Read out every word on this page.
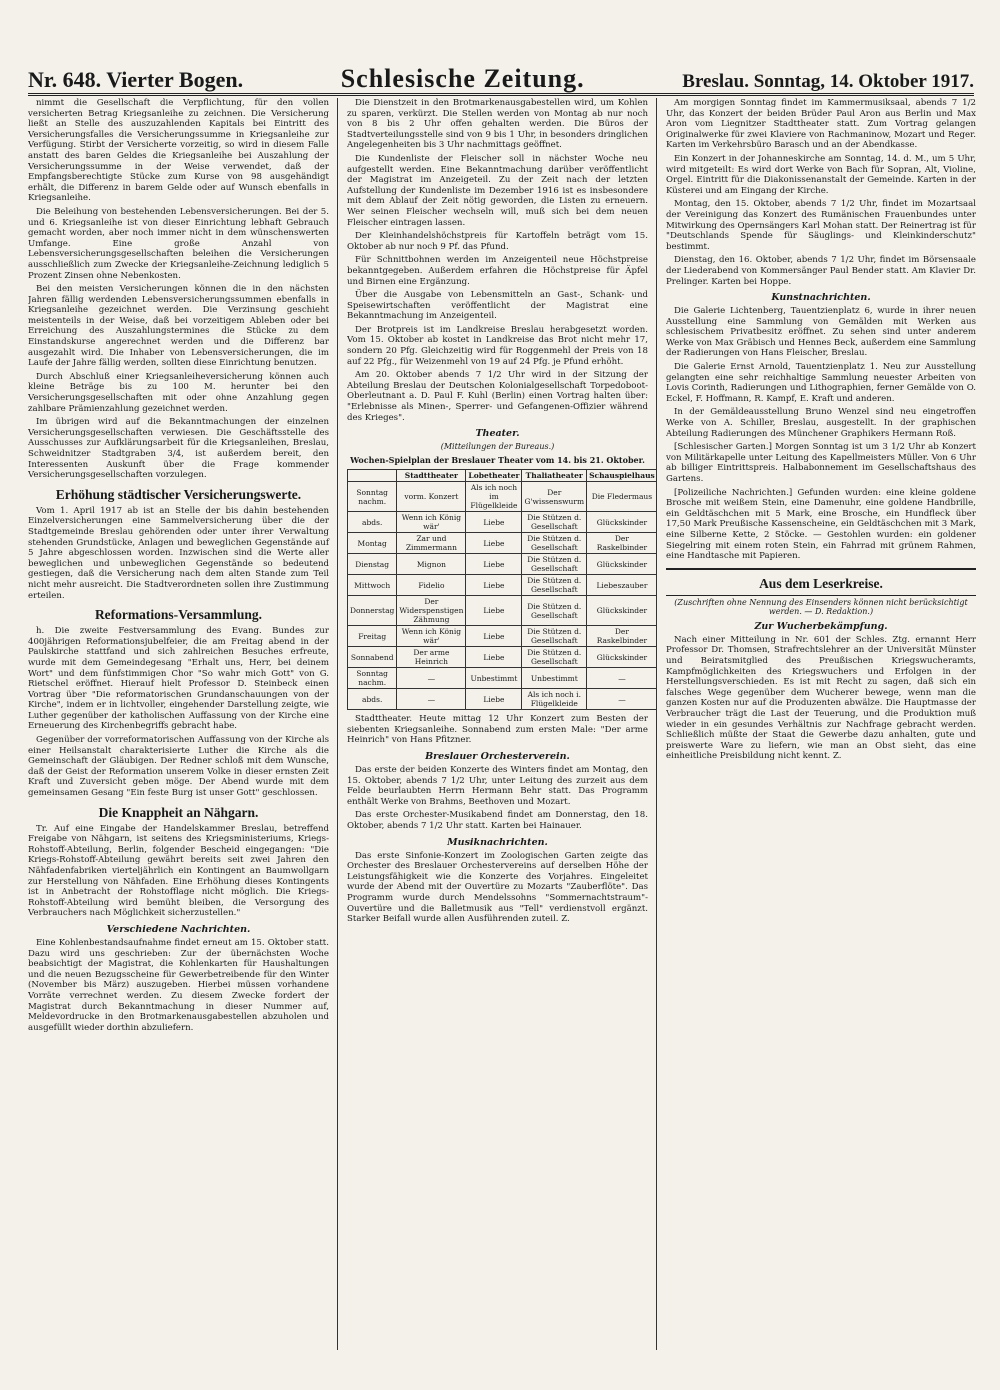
Nr. 648. Vierter Bogen.	Schlesische Zeitung.	Breslau. Sonntag, 14. Oktober 1917.

nimmt die Gesellschaft die Verpflichtung, für den vollen versicherten Betrag Kriegsanleihe zu zeichnen. Die Versicherung ließt an Stelle des auszuzahlenden Kapitals bei Eintritt des Versicherungsfalles die Versicherungssumme in Kriegsanleihe zur Verfügung. Stirbt der Versicherte vorzeitig, so wird in diesem Falle anstatt des baren Geldes die Kriegsanleihe bei Auszahlung der Versicherungssumme in der Weise verwendet, daß der Empfangsberechtigte Stücke zum Kurse von 98 ausgehändigt erhält, die Differenz in barem Gelde oder auf Wunsch ebenfalls in Kriegsanleihe.

Die Beleihung von bestehenden Lebensversicherungen. Bei der 5. und 6. Kriegsanleihe ist von dieser Einrichtung lebhaft Gebrauch gemacht worden, aber noch immer nicht in dem wünschenswerten Umfange. Eine große Anzahl von Lebensversicherungsgesellschaften beleihen die Versicherungen ausschließlich zum Zwecke der Kriegsanleihe-Zeichnung lediglich 5 Prozent Zinsen ohne Nebenkosten.

Bei den meisten Versicherungen können die in den nächsten Jahren fällig werdenden Lebensversicherungssummen ebenfalls in Kriegsanleihe gezeichnet werden. Die Verzinsung geschieht meistenteils in der Weise, daß bei vorzeitigem Ableben oder bei Erreichung des Auszahlungstermines die Stücke zu dem Einstandskurse angerechnet werden und die Differenz bar ausgezahlt wird. Die Inhaber von Lebensversicherungen, die im Laufe der Jahre fällig werden, sollten diese Einrichtung benutzen.

Durch Abschluß einer Kriegsanleiheversicherung können auch kleine Beträge bis zu 100 M. herunter bei den Versicherungsgesellschaften mit oder ohne Anzahlung gegen zahlbare Prämienzahlung gezeichnet werden.

Im übrigen wird auf die Bekanntmachungen der einzelnen Versicherungsgesellschaften verwiesen. Die Geschäftsstelle des Ausschusses zur Aufklärungsarbeit für die Kriegsanleihen, Breslau, Schweidnitzer Stadtgraben 3/4, ist außerdem bereit, den Interessenten Auskunft über die Frage kommender Versicherungsgesellschaften vorzulegen.

Erhöhung städtischer Versicherungswerte.

Vom 1. April 1917 ab ist an Stelle der bis dahin bestehenden Einzelversicherungen eine Sammelversicherung über die der Stadtgemeinde Breslau gehörenden oder unter ihrer Verwaltung stehenden Grundstücke, Anlagen und beweglichen Gegenstände auf 5 Jahre abgeschlossen worden. Inzwischen sind die Werte aller beweglichen und unbeweglichen Gegenstände so bedeutend gestiegen, daß die Versicherung nach dem alten Stande zum Teil nicht mehr ausreicht. Die Stadtverordneten sollen ihre Zustimmung erteilen.

Reformations-Versammlung.

h. Die zweite Festversammlung des Evang. Bundes zur 400jährigen Reformationsjubelfeier, die am Freitag abend in der Paulskirche stattfand und sich zahlreichen Besuches erfreute, wurde mit dem Gemeindegesang "Erhalt uns, Herr, bei deinem Wort" und dem fünfstimmigen Chor "So wahr mich Gott" von G. Rietschel eröffnet. Hierauf hielt Professor D. Steinbeck einen Vortrag über "Die reformatorischen Grundanschauungen von der Kirche", indem er in lichtvoller, eingehender Darstellung zeigte, wie Luther gegenüber der katholischen Auffassung von der Kirche eine Erneuerung des Kirchenbegriffs gebracht habe.

Gegenüber der vorreformatorischen Auffassung von der Kirche als einer Heilsanstalt charakterisierte Luther die Kirche als die Gemeinschaft der Gläubigen. Der Redner schloß mit dem Wunsche, daß der Geist der Reformation unserem Volke in dieser ernsten Zeit Kraft und Zuversicht geben möge. Der Abend wurde mit dem gemeinsamen Gesang "Ein feste Burg ist unser Gott" geschlossen.

Die Knappheit an Nähgarn.

Tr. Auf eine Eingabe der Handelskammer Breslau, betreffend Freigabe von Nähgarn, ist seitens des Kriegsministeriums, Kriegs-Rohstoff-Abteilung, Berlin, folgender Bescheid eingegangen: "Die Kriegs-Rohstoff-Abteilung gewährt bereits seit zwei Jahren den Nähfadenfabriken vierteljährlich ein Kontingent an Baumwollgarn zur Herstellung von Nähfaden. Eine Erhöhung dieses Kontingents ist in Anbetracht der Rohstofflage nicht möglich. Die Kriegs-Rohstoff-Abteilung wird bemüht bleiben, die Versorgung des Verbrauchers nach Möglichkeit sicherzustellen."

Verschiedene Nachrichten.

Eine Kohlenbestandsaufnahme findet erneut am 15. Oktober statt. Dazu wird uns geschrieben: Zur der übernächsten Woche beabsichtigt der Magistrat, die Kohlenkarten für Haushaltungen und die neuen Bezugsscheine für Gewerbetreibende für den Winter (November bis März) auszugeben. Hierbei müssen vorhandene Vorräte verrechnet werden. Zu diesem Zwecke fordert der Magistrat durch Bekanntmachung in dieser Nummer auf, Meldevordrucke in den Brotmarkenausgabestellen abzuholen und ausgefüllt wieder dorthin abzuliefern.

Die Dienstzeit in den Brotmarkenausgabestellen wird, um Kohlen zu sparen, verkürzt. Die Stellen werden von Montag ab nur noch von 8 bis 2 Uhr offen gehalten werden. Die Büros der Stadtverteilungsstelle sind von 9 bis 1 Uhr, in besonders dringlichen Angelegenheiten bis 3 Uhr nachmittags geöffnet.

Die Kundenliste der Fleischer soll in nächster Woche neu aufgestellt werden. Eine Bekanntmachung darüber veröffentlicht der Magistrat im Anzeigeteil. Zu der Zeit nach der letzten Aufstellung der Kundenliste im Dezember 1916 ist es insbesondere mit dem Ablauf der Zeit nötig geworden, die Listen zu erneuern. Wer seinen Fleischer wechseln will, muß sich bei dem neuen Fleischer eintragen lassen.

Der Kleinhandelshöchstpreis für Kartoffeln beträgt vom 15. Oktober ab nur noch 9 Pf. das Pfund.

Für Schnittbohnen werden im Anzeigenteil neue Höchstpreise bekanntgegeben. Außerdem erfahren die Höchstpreise für Äpfel und Birnen eine Ergänzung.

Über die Ausgabe von Lebensmitteln an Gast-, Schank- und Speisewirtschaften veröffentlicht der Magistrat eine Bekanntmachung im Anzeigenteil.

Der Brotpreis ist im Landkreise Breslau herabgesetzt worden. Vom 15. Oktober ab kostet in Landkreise das Brot nicht mehr 17, sondern 20 Pfg. Gleichzeitig wird für Roggenmehl der Preis von 18 auf 22 Pfg., für Weizenmehl von 19 auf 24 Pfg. je Pfund erhöht.

Am 20. Oktober abends 7 1/2 Uhr wird in der Sitzung der Abteilung Breslau der Deutschen Kolonialgesellschaft Torpedoboot-Oberleutnant a. D. Paul F. Kuhl (Berlin) einen Vortrag halten über: "Erlebnisse als Minen-, Sperrer- und Gefangenen-Offizier während des Krieges".

Theater.
(Mitteilungen der Bureaus.)
Wochen-Spielplan der Breslauer Theater vom 14. bis 21. Oktober.
	Stadttheater	Lobetheater	Thaliatheater	Schauspielhaus
Sonntag nachm.	vorm. Konzert	Als ich noch im Flügelkleide	Der G'wissenswurm	Die Fledermaus
abds.	Wenn ich König wär'	Liebe	Die Stützen d. Gesellschaft	Glückskinder
Montag	Zar und Zimmermann	Liebe	Die Stützen d. Gesellschaft	Der Raskelbinder
Dienstag	Mignon	Liebe	Die Stützen d. Gesellschaft	Glückskinder
Mittwoch	Fidelio	Liebe	Die Stützen d. Gesellschaft	Liebeszauber
Donnerstag	Der Widerspenstigen Zähmung	Liebe	Die Stützen d. Gesellschaft	Glückskinder
Freitag	Wenn ich König wär'	Liebe	Die Stützen d. Gesellschaft	Der Raskelbinder
Sonnabend	Der arme Heinrich	Liebe	Die Stützen d. Gesellschaft	Glückskinder
Sonntag nachm.	—	Unbestimmt	Unbestimmt	—
abds.	—	Liebe	Als ich noch i. Flügelkleide	—

Stadttheater. Heute mittag 12 Uhr Konzert zum Besten der siebenten Kriegsanleihe. Sonnabend zum ersten Male: "Der arme Heinrich" von Hans Pfitzner.

Breslauer Orchesterverein.

Das erste der beiden Konzerte des Winters findet am Montag, den 15. Oktober, abends 7 1/2 Uhr, unter Leitung des zurzeit aus dem Felde beurlaubten Herrn Hermann Behr statt. Das Programm enthält Werke von Brahms, Beethoven und Mozart.

Das erste Orchester-Musikabend findet am Donnerstag, den 18. Oktober, abends 7 1/2 Uhr statt. Karten bei Hainauer.

Musiknachrichten.

Das erste Sinfonie-Konzert im Zoologischen Garten zeigte das Orchester des Breslauer Orchestervereins auf derselben Höhe der Leistungsfähigkeit wie die Konzerte des Vorjahres. Eingeleitet wurde der Abend mit der Ouvertüre zu Mozarts "Zauberflöte". Das Programm wurde durch Mendelssohns "Sommernachtstraum"-Ouvertüre und die Balletmusik aus "Tell" verdienstvoll ergänzt. Starker Beifall wurde allen Ausführenden zuteil. Z.

Am morgigen Sonntag findet im Kammermusiksaal, abends 7 1/2 Uhr, das Konzert der beiden Brüder Paul Aron aus Berlin und Max Aron vom Liegnitzer Stadttheater statt. Zum Vortrag gelangen Originalwerke für zwei Klaviere von Rachmaninow, Mozart und Reger. Karten im Verkehrsbüro Barasch und an der Abendkasse.

Ein Konzert in der Johanneskirche am Sonntag, 14. d. M., um 5 Uhr, wird mitgeteilt: Es wird dort Werke von Bach für Sopran, Alt, Violine, Orgel. Eintritt für die Diakonissenanstalt der Gemeinde. Karten in der Küsterei und am Eingang der Kirche.

Montag, den 15. Oktober, abends 7 1/2 Uhr, findet im Mozartsaal der Vereinigung das Konzert des Rumänischen Frauenbundes unter Mitwirkung des Opernsängers Karl Mohan statt. Der Reinertrag ist für "Deutschlands Spende für Säuglings- und Kleinkinderschutz" bestimmt.

Dienstag, den 16. Oktober, abends 7 1/2 Uhr, findet im Börsensaale der Liederabend von Kommersänger Paul Bender statt. Am Klavier Dr. Prelinger. Karten bei Hoppe.

Kunstnachrichten.

Die Galerie Lichtenberg, Tauentzienplatz 6, wurde in ihrer neuen Ausstellung eine Sammlung von Gemälden mit Werken aus schlesischem Privatbesitz eröffnet. Zu sehen sind unter anderem Werke von Max Gräbisch und Hennes Beck, außerdem eine Sammlung der Radierungen von Hans Fleischer, Breslau.

Die Galerie Ernst Arnold, Tauentzienplatz 1. Neu zur Ausstellung gelangten eine sehr reichhaltige Sammlung neuester Arbeiten von Lovis Corinth, Radierungen und Lithographien, ferner Gemälde von O. Eckel, F. Hoffmann, R. Kampf, E. Kraft und anderen.

In der Gemäldeausstellung Bruno Wenzel sind neu eingetroffen Werke von A. Schiller, Breslau, ausgestellt. In der graphischen Abteilung Radierungen des Münchener Graphikers Hermann Roß.

[Schlesischer Garten.] Morgen Sonntag ist um 3 1/2 Uhr ab Konzert von Militärkapelle unter Leitung des Kapellmeisters Müller. Von 6 Uhr ab billiger Eintrittspreis. Halbabonnement im Gesellschaftshaus des Gartens.

[Polizeiliche Nachrichten.] Gefunden wurden: eine kleine goldene Brosche mit weißem Stein, eine Damenuhr, eine goldene Handbrille, ein Geldtäschchen mit 5 Mark, eine Brosche, ein Hundfleck über 17,50 Mark Preußische Kassenscheine, ein Geldtäschchen mit 3 Mark, eine Silberne Kette, 2 Stöcke. — Gestohlen wurden: ein goldener Siegelring mit einem roten Stein, ein Fahrrad mit grünem Rahmen, eine Handtasche mit Papieren.

Aus dem Leserkreise.
(Zuschriften ohne Nennung des Einsenders können nicht berücksichtigt werden. — D. Redaktion.)
Zur Wucherbekämpfung.

Nach einer Mitteilung in Nr. 601 der Schles. Ztg. ernannt Herr Professor Dr. Thomsen, Strafrechtslehrer an der Universität Münster und Beiratsmitglied des Preußischen Kriegswucheramts, Kampfmöglichkeiten des Kriegswuchers und Erfolgen in der Herstellungsverschieden. Es ist mit Recht zu sagen, daß sich ein falsches Wege gegenüber dem Wucherer bewege, wenn man die ganzen Kosten nur auf die Produzenten abwälze. Die Hauptmasse der Verbraucher trägt die Last der Teuerung, und die Produktion muß wieder in ein gesundes Verhältnis zur Nachfrage gebracht werden. Schließlich müßte der Staat die Gewerbe dazu anhalten, gute und preiswerte Ware zu liefern, wie man an Obst sieht, das eine einheitliche Preisbildung nicht kennt. Z.
